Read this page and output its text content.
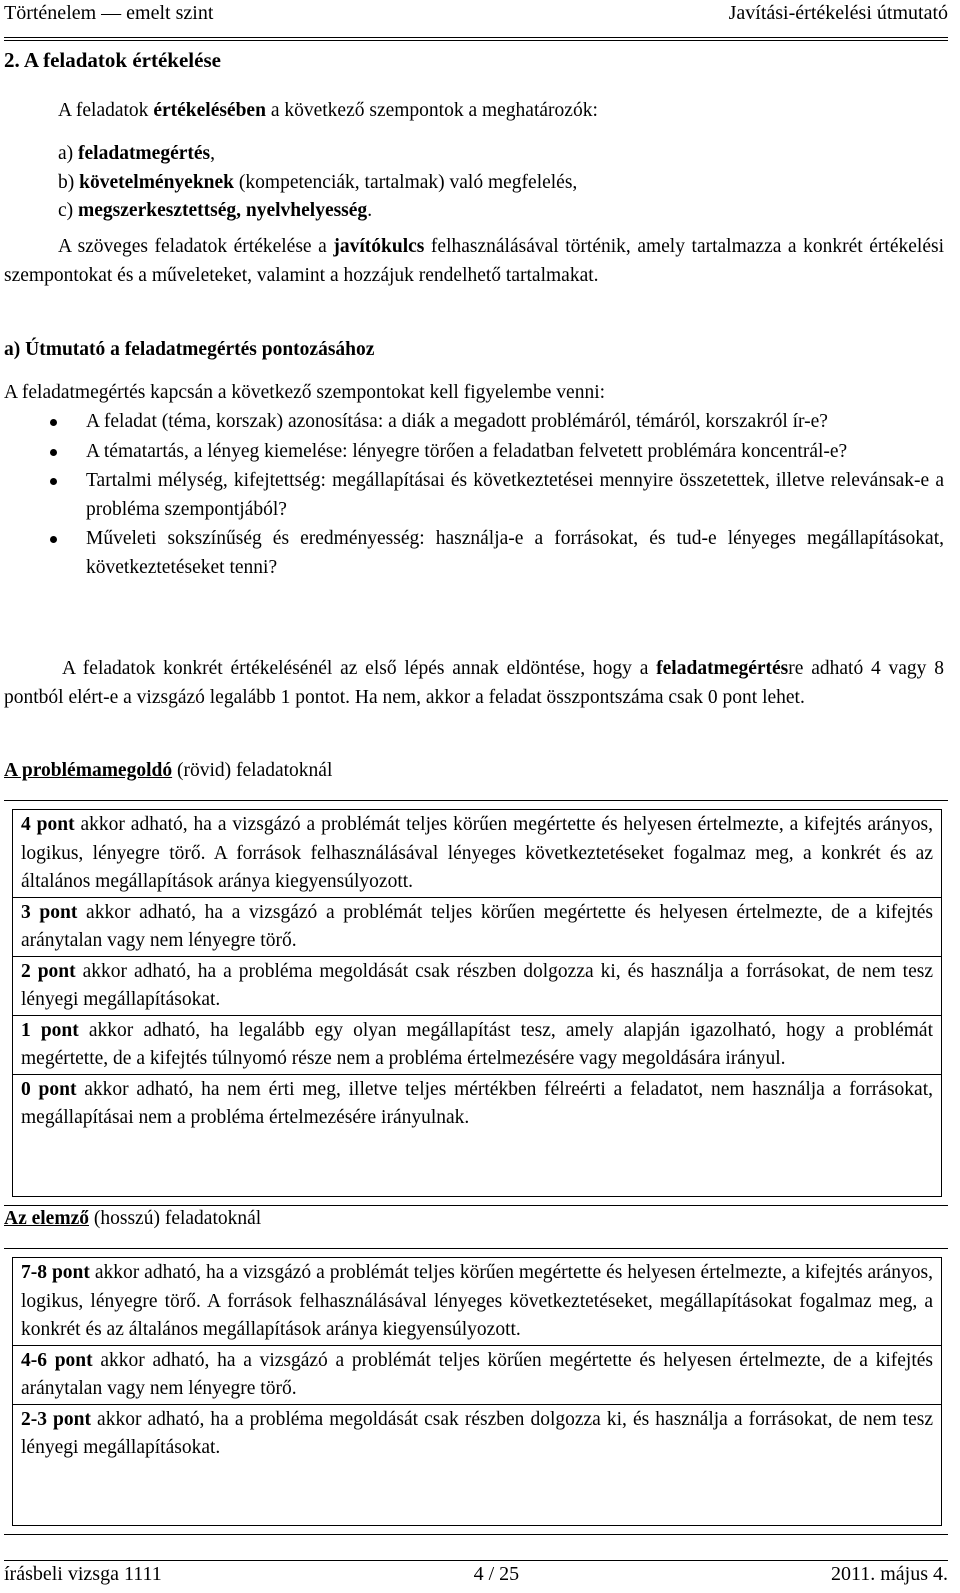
Történelem — emelt szint	Javítási-értékelési útmutató
2. A feladatok értékelése
A feladatok értékelésében a következő szempontok a meghatározók:
a) feladatmegértés,
b) követelményeknek (kompetenciák, tartalmak) való megfelelés,
c) megszerkesztettség, nyelvhelyesség.
A szöveges feladatok értékelése a javítókulcs felhasználásával történik, amely tartalmazza a konkrét értékelési szempontokat és a műveleteket, valamint a hozzájuk rendelhető tartalmakat.
a) Útmutató a feladatmegértés pontozásához
A feladatmegértés kapcsán a következő szempontokat kell figyelembe venni:
A feladat (téma, korszak) azonosítása: a diák a megadott problémáról, témáról, korszakról ír-e?
A tématartás, a lényeg kiemelése: lényegre törően a feladatban felvetett problémára koncentrál-e?
Tartalmi mélység, kifejtettség: megállapításai és következtetései mennyire összetettek, illetve relevánsak-e a probléma szempontjából?
Műveleti sokszínűség és eredményesség: használja-e a forrásokat, és tud-e lényeges megállapításokat, következtetéseket tenni?
A feladatok konkrét értékelésénél az első lépés annak eldöntése, hogy a feladatmegértésre adható 4 vagy 8 pontból elért-e a vizsgázó legalább 1 pontot. Ha nem, akkor a feladat összpontszáma csak 0 pont lehet.
A problémamegoldó (rövid) feladatoknál
4 pont akkor adható, ha a vizsgázó a problémát teljes körűen megértette és helyesen értelmezte, a kifejtés arányos, logikus, lényegre törő. A források felhasználásával lényeges következtetéseket fogalmaz meg, a konkrét és az általános megállapítások aránya kiegyensúlyozott.
3 pont akkor adható, ha a vizsgázó a problémát teljes körűen megértette és helyesen értelmezte, de a kifejtés aránytalan vagy nem lényegre törő.
2 pont akkor adható, ha a probléma megoldását csak részben dolgozza ki, és használja a forrásokat, de nem tesz lényegi megállapításokat.
1 pont akkor adható, ha legalább egy olyan megállapítást tesz, amely alapján igazolható, hogy a problémát megértette, de a kifejtés túlnyomó része nem a probléma értelmezésére vagy megoldására irányul.
0 pont akkor adható, ha nem érti meg, illetve teljes mértékben félreérti a feladatot, nem használja a forrásokat, megállapításai nem a probléma értelmezésére irányulnak.
Az elemző (hosszú) feladatoknál
7-8 pont akkor adható, ha a vizsgázó a problémát teljes körűen megértette és helyesen értelmezte, a kifejtés arányos, logikus, lényegre törő. A források felhasználásával lényeges következtetéseket, megállapításokat fogalmaz meg, a konkrét és az általános megállapítások aránya kiegyensúlyozott.
4-6 pont akkor adható, ha a vizsgázó a problémát teljes körűen megértette és helyesen értelmezte, de a kifejtés aránytalan vagy nem lényegre törő.
2-3 pont akkor adható, ha a probléma megoldását csak részben dolgozza ki, és használja a forrásokat, de nem tesz lényegi megállapításokat.
írásbeli vizsga 1111	4 / 25	2011. május 4.
